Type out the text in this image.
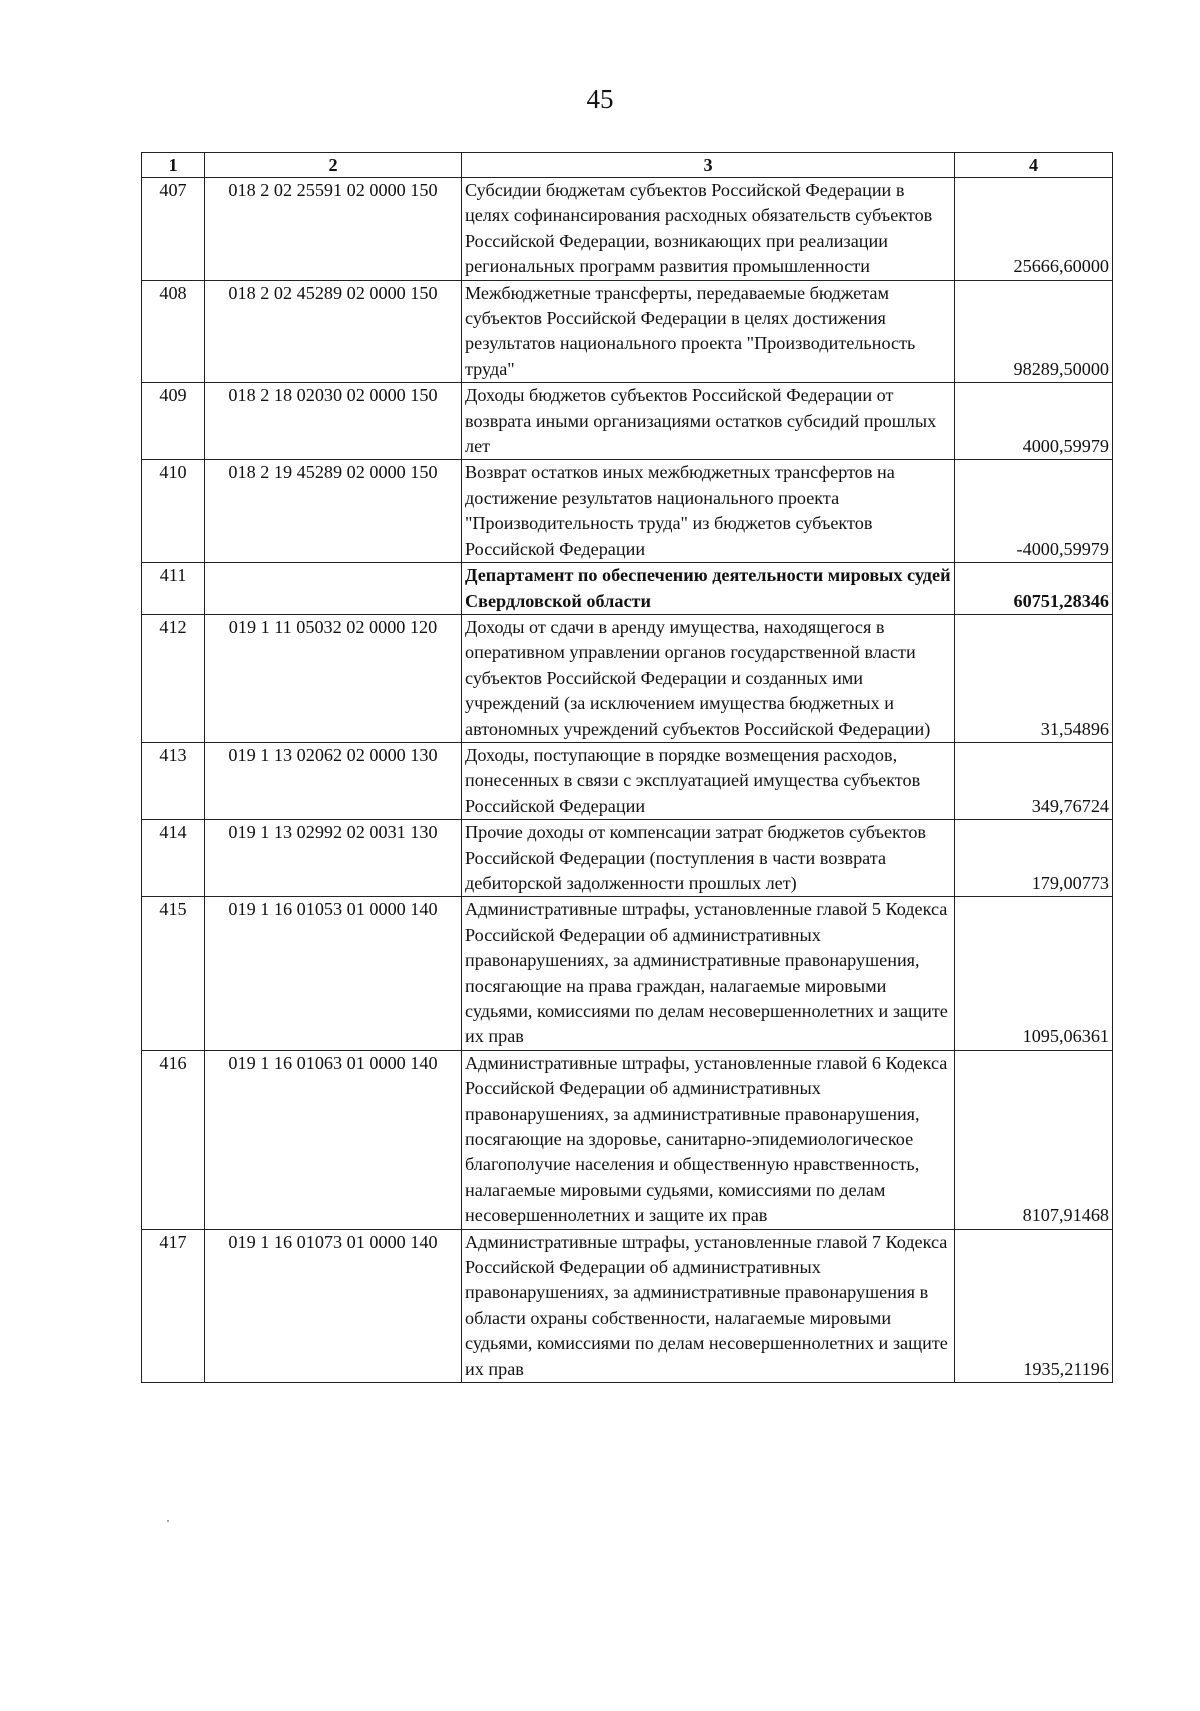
45
1	2	3	4
407	018 2 02 25591 02 0000 150	Субсидии бюджетам субъектов Российской Федерации в целях софинансирования расходных обязательств субъектов Российской Федерации, возникающих при реализации региональных программ развития промышленности	25666,60000
408	018 2 02 45289 02 0000 150	Межбюджетные трансферты, передаваемые бюджетам субъектов Российской Федерации в целях достижения результатов национального проекта "Производительность труда"	98289,50000
409	018 2 18 02030 02 0000 150	Доходы бюджетов субъектов Российской Федерации от возврата иными организациями остатков субсидий прошлых лет	4000,59979
410	018 2 19 45289 02 0000 150	Возврат остатков иных межбюджетных трансфертов на достижение результатов национального проекта "Производительность труда" из бюджетов субъектов Российской Федерации	-4000,59979
411		Департамент по обеспечению деятельности мировых судей Свердловской области	60751,28346
412	019 1 11 05032 02 0000 120	Доходы от сдачи в аренду имущества, находящегося в оперативном управлении органов государственной власти субъектов Российской Федерации и созданных ими учреждений (за исключением имущества бюджетных и автономных учреждений субъектов Российской Федерации)	31,54896
413	019 1 13 02062 02 0000 130	Доходы, поступающие в порядке возмещения расходов, понесенных в связи с эксплуатацией имущества субъектов Российской Федерации	349,76724
414	019 1 13 02992 02 0031 130	Прочие доходы от компенсации затрат бюджетов субъектов Российской Федерации (поступления в части возврата дебиторской задолженности прошлых лет)	179,00773
415	019 1 16 01053 01 0000 140	Административные штрафы, установленные главой 5 Кодекса Российской Федерации об административных правонарушениях, за административные правонарушения, посягающие на права граждан, налагаемые мировыми судьями, комиссиями по делам несовершеннолетних и защите их прав	1095,06361
416	019 1 16 01063 01 0000 140	Административные штрафы, установленные главой 6 Кодекса Российской Федерации об административных правонарушениях, за административные правонарушения, посягающие на здоровье, санитарно-эпидемиологическое благополучие населения и общественную нравственность, налагаемые мировыми судьями, комиссиями по делам несовершеннолетних и защите их прав	8107,91468
417	019 1 16 01073 01 0000 140	Административные штрафы, установленные главой 7 Кодекса Российской Федерации об административных правонарушениях, за административные правонарушения в области охраны собственности, налагаемые мировыми судьями, комиссиями по делам несовершеннолетних и защите их прав	1935,21196
